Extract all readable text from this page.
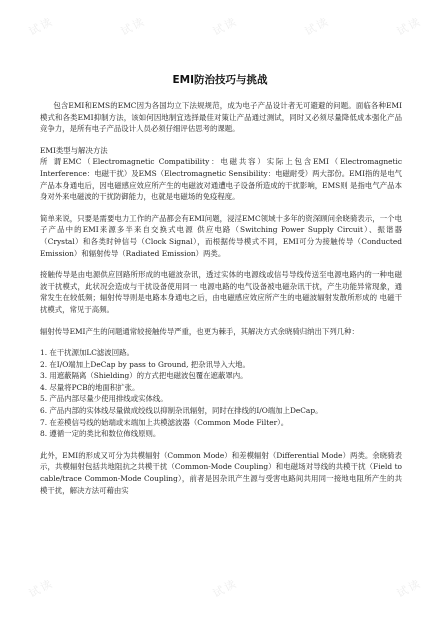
试读	试读	试读	试读	试读
试读	试读	试读
EMI防治技巧与挑战

包含EMI和EMS的EMC因为各国均立下法规规范，成为电子产品设计者无可避避的问题。面临各种EMI模式和各类EMI抑制方法，该如何因地制宜选择最佳对策让产品通过测试，同时又必须尽量降低成本强化产品竞争力，是所有电子产品设计人员必须仔细评估思考的课题。

EMI类型与解决方法

所 谓EMC（Electromagnetic Compatibility：电磁共容）实际上包含EMI（Electromagnetic Interference：电磁干扰）及EMS（Electromagnetic Sensibility：电磁耐受）两大部份。EMI指的是电气产品本身通电后，因电磁感应效应所产生的电磁波对通遭电子设备所造成的干扰影响，EMS则 是指电气产品本身对外来电磁波的干扰防御能力，也就是电磁场的免疫程度。

简单来说，只要是需要电力工作的产品都会有EMI问题，浸淫EMC领域十多年的资深顾问余晓骑表示，一个电子产品中的EMI来源多半来自交换式电源 供应电路（Switching Power Supply Circuit）、振谐器（Crystal）和各类时钟信号（Clock Signal），而根据传导模式不同，EMI可分为接触传导（Conducted Emission）和辐射传导（Radiated Emission）两类。

接触传导是由电源供应回路所形成的电磁波杂讯，透过实体的电源线或信号导线传送至电源电路内的一种电磁波干扰模式，此状况会造成与干扰设备使用同一 电源电路的电气设备被电磁杂讯干扰，产生功能异常现象，通常发生在较低频；辐射传导则是电路本身通电之后，由电磁感应效应所产生的电磁波辐射发散所形成的 电磁干扰模式，常见于高频。

辐射传导EMI产生的问题通常较接触传导严重，也更为棘手，其解决方式余晓骑归纳出下列几种：

1. 在干扰源加LC滤波回路。
2. 在I/O端加上DeCap by pass to Ground, 把杂讯导入大地。
3. 用遮蔽隔离（Shielding）的方式把电磁波包覆在遮蔽罩内。
4. 尽量将PCB的地面积扩张。
5. 产品内部尽量少使用排线或实体线。
6. 产品内部的实体线尽量做成绞线以抑制杂讯辐射，同时在排线的I/O端加上DeCap。
7. 在差模信号线的始端或末端加上共模滤波器（Common Mode Filter）。
8. 遵循一定的类比和数位佈线原则。

此外，EMI的形成又可分为共模辐射（Common Mode）和差模辐射（Differential Mode）两类。余晓骑表示，共模辐射包括共地阻抗之共模干扰（Common-Mode Coupling）和电磁场对导线的共模干扰（Field to cable/trace Common-Mode Coupling），前者是因杂讯产生源与受害电路间共用同一接地电阻所产生的共模干扰，解决方法可藉由实
